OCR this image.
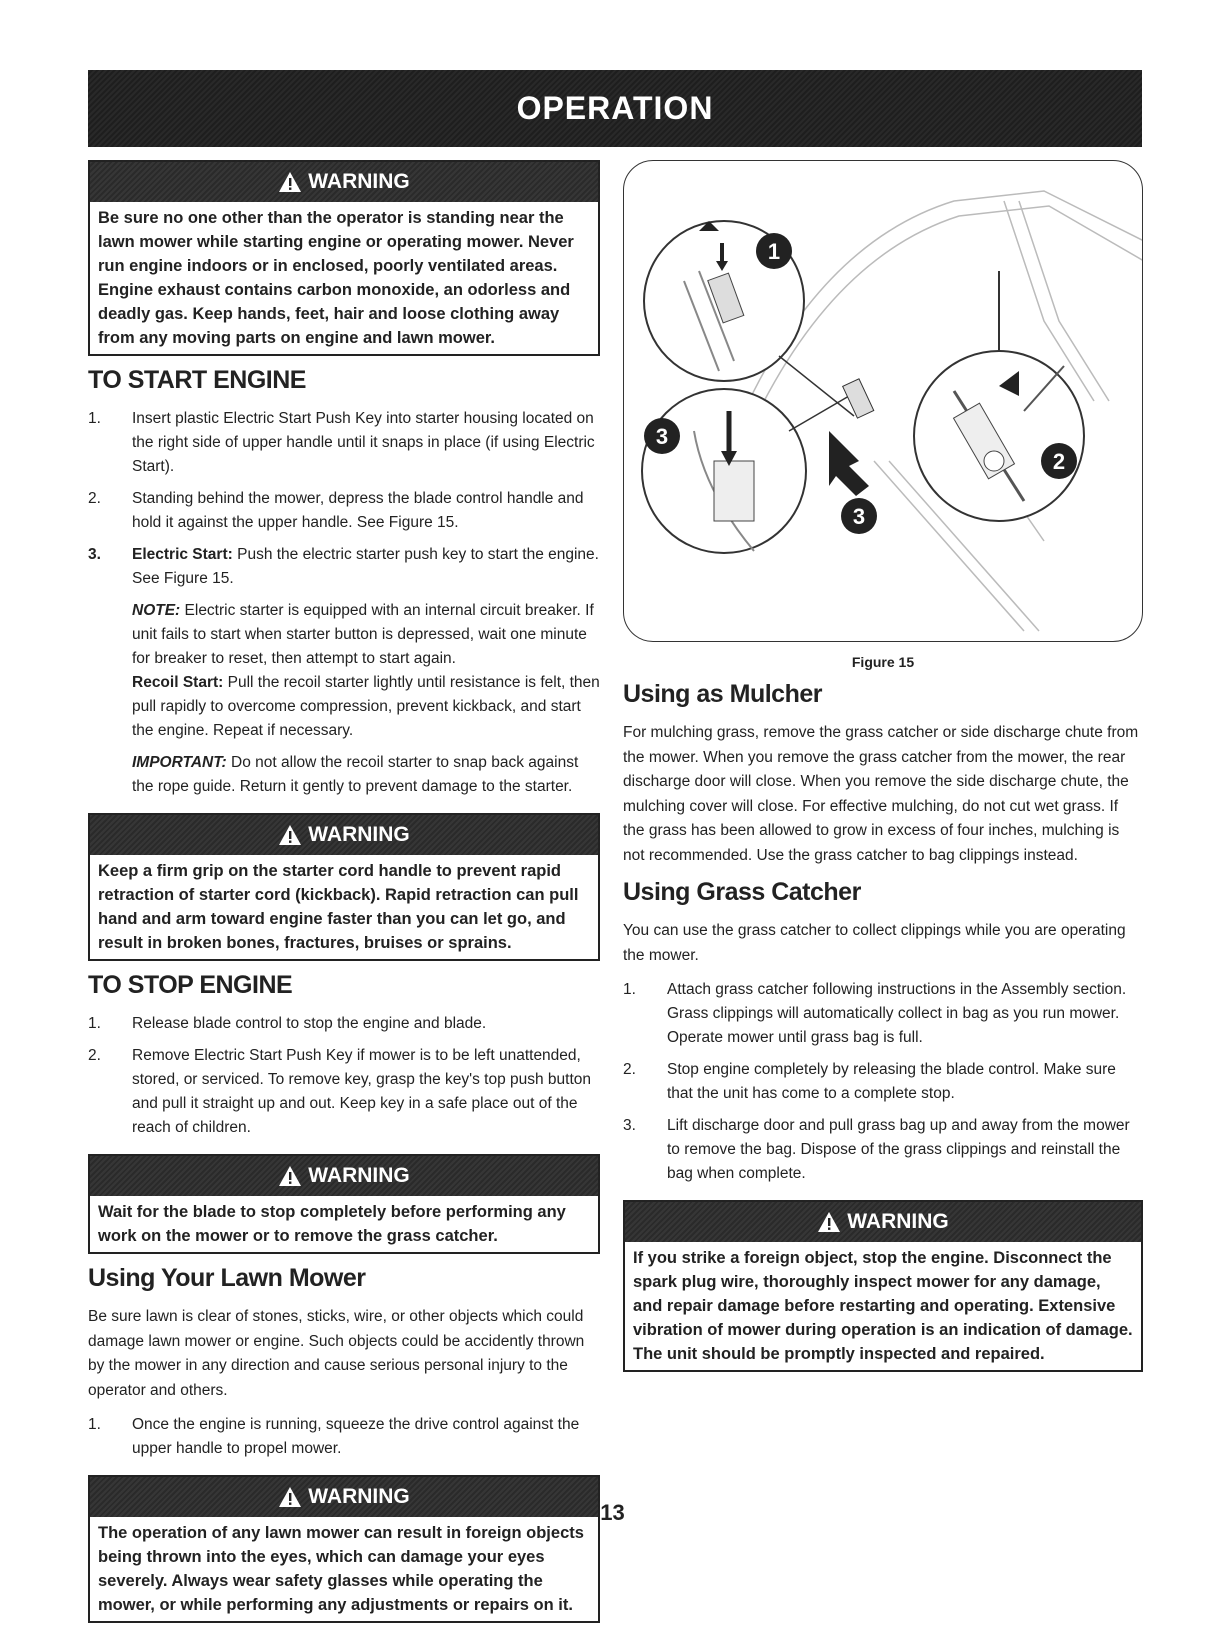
OPERATION
WARNING
Be sure no one other than the operator is standing near the lawn mower while starting engine or operating mower. Never run engine indoors or in enclosed, poorly ventilated areas. Engine exhaust contains carbon monoxide, an odorless and deadly gas. Keep hands, feet, hair and loose clothing away from any moving parts on engine and lawn mower.
TO START ENGINE
1.	Insert plastic Electric Start Push Key into starter housing located on the right side of upper handle until it snaps in place (if using Electric Start).
2.	Standing behind the mower, depress the blade control handle and hold it against the upper handle. See Figure 15.
3.	Electric Start: Push the electric starter push key to start the engine. See Figure 15.
NOTE: Electric starter is equipped with an internal circuit breaker. If unit fails to start when starter button is depressed, wait one minute for breaker to reset, then attempt to start again.
Recoil Start: Pull the recoil starter lightly until resistance is felt, then pull rapidly to overcome compression, prevent kickback, and start the engine. Repeat if necessary.
IMPORTANT: Do not allow the recoil starter to snap back against the rope guide. Return it gently to prevent damage to the starter.
WARNING
Keep a firm grip on the starter cord handle to prevent rapid retraction of starter cord (kickback). Rapid retraction can pull hand and arm toward engine faster than you can let go, and result in broken bones, fractures, bruises or sprains.
TO STOP ENGINE
1.	Release blade control to stop the engine and blade.
2.	Remove Electric Start Push Key if mower is to be left unattended, stored, or serviced. To remove key, grasp the key's top push button and pull it straight up and out. Keep key in a safe place out of the reach of children.
WARNING
Wait for the blade to stop completely before performing any work on the mower or to remove the grass catcher.
Using Your Lawn Mower

Be sure lawn is clear of stones, sticks, wire, or other objects which could damage lawn mower or engine. Such objects could be accidently thrown by the mower in any direction and cause serious personal injury to the operator and others.

1.	Once the engine is running, squeeze the drive control against the upper handle to propel mower.
WARNING
The operation of any lawn mower can result in foreign objects being thrown into the eyes, which can damage your eyes severely. Always wear safety glasses while operating the mower, or while performing any adjustments or repairs on it.
1
2
3
3
Figure 15
Using as Mulcher

For mulching grass, remove the grass catcher or side discharge chute from the mower. When you remove the grass catcher from the mower, the rear discharge door will close. When you remove the side discharge chute, the mulching cover will close. For effective mulching, do not cut wet grass. If the grass has been allowed to grow in excess of four inches, mulching is not recommended. Use the grass catcher to bag clippings instead.

Using Grass Catcher

You can use the grass catcher to collect clippings while you are operating the mower.

1.	Attach grass catcher following instructions in the Assembly section. Grass clippings will automatically collect in bag as you run mower. Operate mower until grass bag is full.
2.	Stop engine completely by releasing the blade control. Make sure that the unit has come to a complete stop.
3.	Lift discharge door and pull grass bag up and away from the mower to remove the bag. Dispose of the grass clippings and reinstall the bag when complete.
WARNING
If you strike a foreign object, stop the engine. Disconnect the spark plug wire, thoroughly inspect mower for any damage, and repair damage before restarting and operating. Extensive vibration of mower during operation is an indication of damage. The unit should be promptly inspected and repaired.
13
